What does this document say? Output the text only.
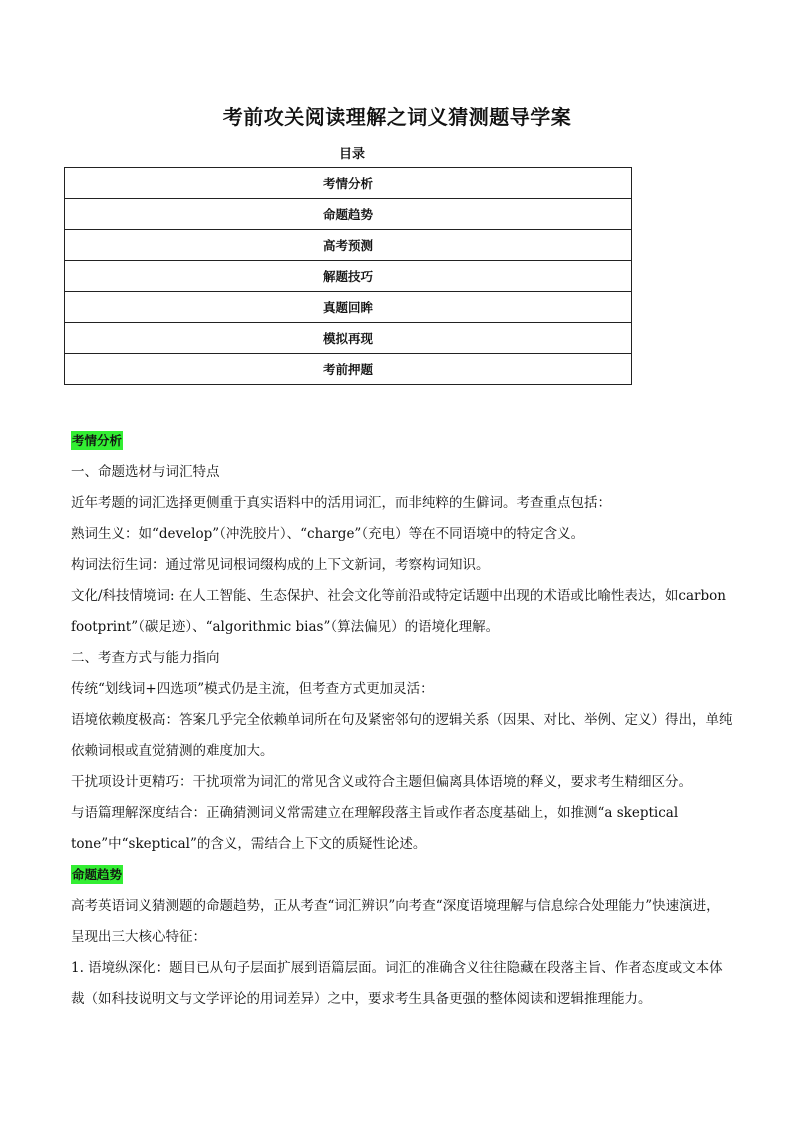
考前攻关阅读理解之词义猜测题导学案
目录
考情分析
命题趋势
高考预测
解题技巧
真题回眸
模拟再现
考前押题

考情分析

一、命题选材与词汇特点

近年考题的词汇选择更侧重于真实语料中的活用词汇，而非纯粹的生僻词。考查重点包括：

熟词生义：如“develop”（冲洗胶片）、“charge”（充电）等在不同语境中的特定含义。

构词法衍生词：通过常见词根词缀构成的上下文新词，考察构词知识。

文化/科技情境词: 在人工智能、生态保护、社会文化等前沿或特定话题中出现的术语或比喻性表达，如carbon footprint”（碳足迹）、“algorithmic bias”（算法偏见）的语境化理解。

二、考查方式与能力指向

传统“划线词+四选项”模式仍是主流，但考查方式更加灵活：

语境依赖度极高：答案几乎完全依赖单词所在句及紧密邻句的逻辑关系（因果、对比、举例、定义）得出，单纯依赖词根或直觉猜测的难度加大。

干扰项设计更精巧：干扰项常为词汇的常见含义或符合主题但偏离具体语境的释义，要求考生精细区分。

与语篇理解深度结合：正确猜测词义常需建立在理解段落主旨或作者态度基础上，如推测“a skeptical tone”中“skeptical”的含义，需结合上下文的质疑性论述。

命题趋势

高考英语词义猜测题的命题趋势，正从考查“词汇辨识”向考查“深度语境理解与信息综合处理能力”快速演进，呈现出三大核心特征：

1. 语境纵深化：题目已从句子层面扩展到语篇层面。词汇的准确含义往往隐藏在段落主旨、作者态度或文本体裁（如科技说明文与文学评论的用词差异）之中，要求考生具备更强的整体阅读和逻辑推理能力。
